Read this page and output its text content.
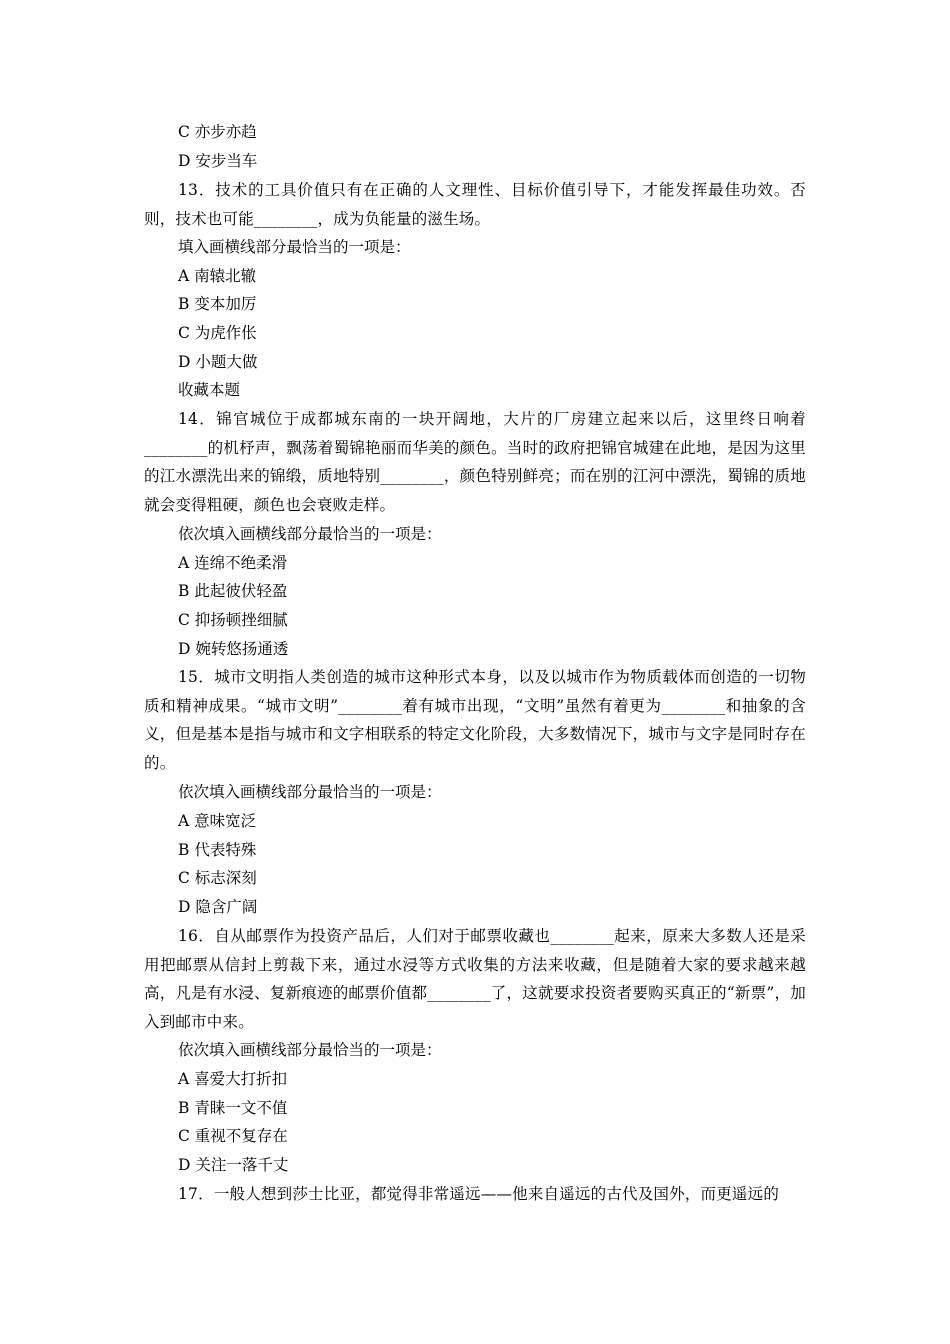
C 亦步亦趋
D 安步当车
13．技术的工具价值只有在正确的人文理性、目标价值引导下，才能发挥最佳功效。否则，技术也可能________，成为负能量的滋生场。
填入画横线部分最恰当的一项是：
A 南辕北辙
B 变本加厉
C 为虎作伥
D 小题大做
收藏本题
14．锦官城位于成都城东南的一块开阔地，大片的厂房建立起来以后，这里终日响着________的机杼声，飘荡着蜀锦艳丽而华美的颜色。当时的政府把锦官城建在此地，是因为这里的江水漂洗出来的锦缎，质地特别________，颜色特别鲜亮；而在别的江河中漂洗，蜀锦的质地就会变得粗硬，颜色也会衰败走样。
依次填入画横线部分最恰当的一项是：
A 连绵不绝柔滑
B 此起彼伏轻盈
C 抑扬顿挫细腻
D 婉转悠扬通透
15．城市文明指人类创造的城市这种形式本身，以及以城市作为物质载体而创造的一切物质和精神成果。“城市文明”________着有城市出现，“文明”虽然有着更为________和抽象的含义，但是基本是指与城市和文字相联系的特定文化阶段，大多数情况下，城市与文字是同时存在的。
依次填入画横线部分最恰当的一项是：
A 意味宽泛
B 代表特殊
C 标志深刻
D 隐含广阔
16．自从邮票作为投资产品后，人们对于邮票收藏也________起来，原来大多数人还是采用把邮票从信封上剪裁下来，通过水浸等方式收集的方法来收藏，但是随着大家的要求越来越高，凡是有水浸、复新痕迹的邮票价值都________了，这就要求投资者要购买真正的“新票”，加入到邮市中来。
依次填入画横线部分最恰当的一项是：
A 喜爱大打折扣
B 青睐一文不值
C 重视不复存在
D 关注一落千丈
17．一般人想到莎士比亚，都觉得非常遥远——他来自遥远的古代及国外，而更遥远的
